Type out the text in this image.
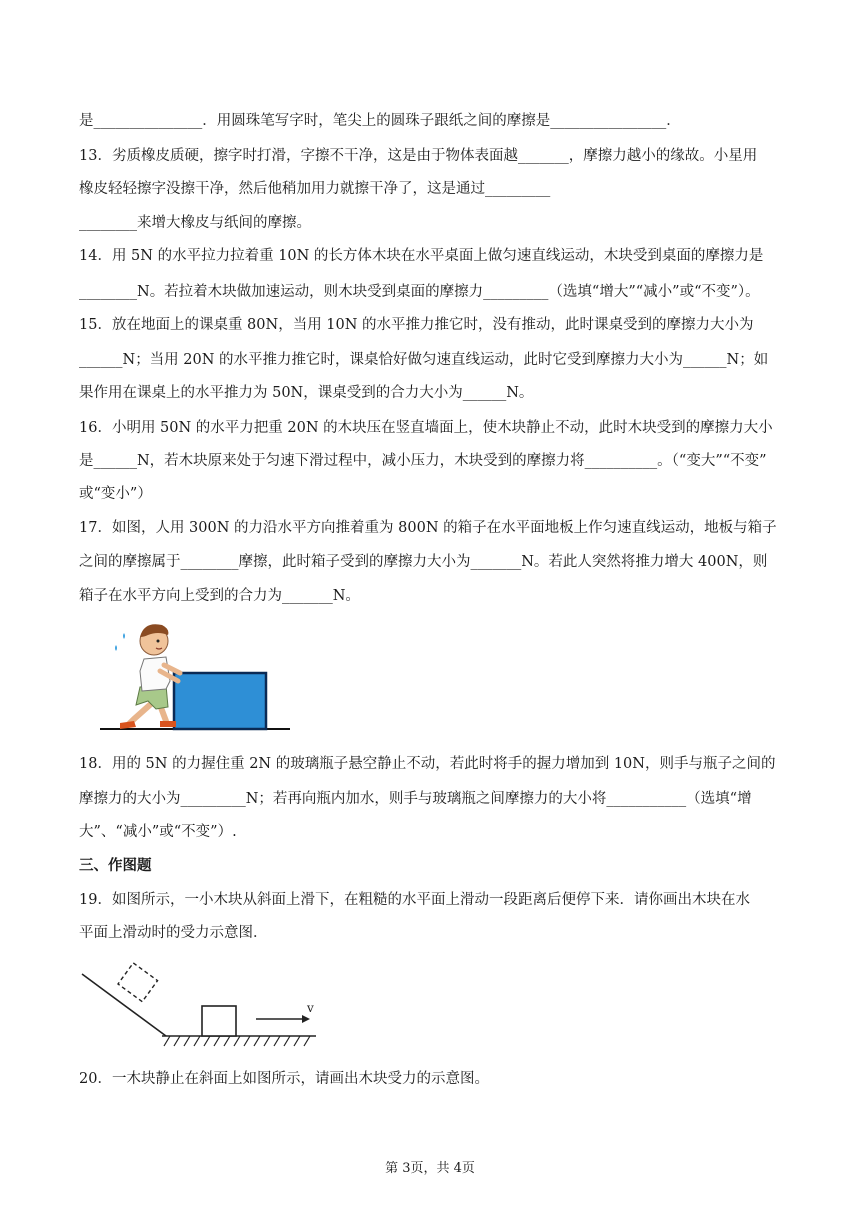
是_______________．用圆珠笔写字时，笔尖上的圆珠子跟纸之间的摩擦是________________．
13．劣质橡皮质硬，擦字时打滑，字擦不干净，这是由于物体表面越_______，摩擦力越小的缘故。小星用
橡皮轻轻擦字没擦干净，然后他稍加用力就擦干净了，这是通过_________
________来增大橡皮与纸间的摩擦。
14．用 5N 的水平拉力拉着重 10N 的长方体木块在水平桌面上做匀速直线运动，木块受到桌面的摩擦力是
________N。若拉着木块做加速运动，则木块受到桌面的摩擦力_________（选填“增大”“减小”或“不变”）。
15．放在地面上的课桌重 80N，当用 10N 的水平推力推它时，没有推动，此时课桌受到的摩擦力大小为
______N；当用 20N 的水平推力推它时，课桌恰好做匀速直线运动，此时它受到摩擦力大小为______N；如
果作用在课桌上的水平推力为 50N，课桌受到的合力大小为______N。
16．小明用 50N 的水平力把重 20N 的木块压在竖直墙面上，使木块静止不动，此时木块受到的摩擦力大小
是______N，若木块原来处于匀速下滑过程中，减小压力，木块受到的摩擦力将__________。（“变大”“不变”
或“变小”）
17．如图，人用 300N 的力沿水平方向推着重为 800N 的箱子在水平面地板上作匀速直线运动，地板与箱子
之间的摩擦属于________摩擦，此时箱子受到的摩擦力大小为_______N。若此人突然将推力增大 400N，则
箱子在水平方向上受到的合力为_______N。
18．用的 5N 的力握住重 2N 的玻璃瓶子悬空静止不动，若此时将手的握力增加到 10N，则手与瓶子之间的
摩擦力的大小为_________N；若再向瓶内加水，则手与玻璃瓶之间摩擦力的大小将___________（选填“增
大”、“减小”或“不变”）.
三、作图题
19．如图所示，一小木块从斜面上滑下，在粗糙的水平面上滑动一段距离后便停下来．请你画出木块在水
平面上滑动时的受力示意图．
v
20．一木块静止在斜面上如图所示，请画出木块受力的示意图。
第 3页，共 4页
